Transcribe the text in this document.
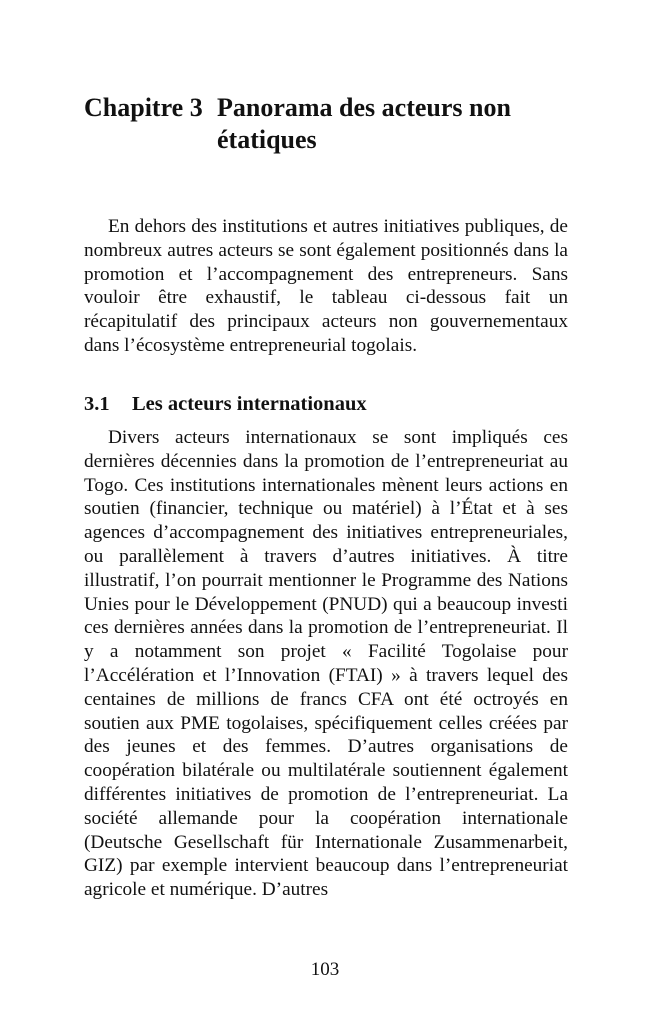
Chapitre 3 Panorama des acteurs non
étatiques

En dehors des institutions et autres initiatives publiques, de nombreux autres acteurs se sont également positionnés dans la promotion et l’accompagnement des entrepreneurs. Sans vouloir être exhaustif, le tableau ci-dessous fait un récapitulatif des principaux acteurs non gouvernementaux dans l’écosystème entrepreneurial togolais.

3.1 Les acteurs internationaux

Divers acteurs internationaux se sont impliqués ces dernières décennies dans la promotion de l’entrepreneuriat au Togo. Ces institutions internationales mènent leurs actions en soutien (financier, technique ou matériel) à l’État et à ses agences d’accompagnement des initiatives entrepreneuriales, ou parallèlement à travers d’autres initiatives. À titre illustratif, l’on pourrait mentionner le Programme des Nations Unies pour le Développement (PNUD) qui a beaucoup investi ces dernières années dans la promotion de l’entrepreneuriat. Il y a notamment son projet « Facilité Togolaise pour l’Accélération et l’Innovation (FTAI) » à travers lequel des centaines de millions de francs CFA ont été octroyés en soutien aux PME togolaises, spécifiquement celles créées par des jeunes et des femmes. D’autres organisations de coopération bilatérale ou multilatérale soutiennent également différentes initiatives de promotion de l’entrepreneuriat. La société allemande pour la coopération internationale (Deutsche Gesellschaft für Internationale Zusammenarbeit, GIZ) par exemple intervient beaucoup dans l’entrepreneuriat agricole et numérique. D’autres

103
